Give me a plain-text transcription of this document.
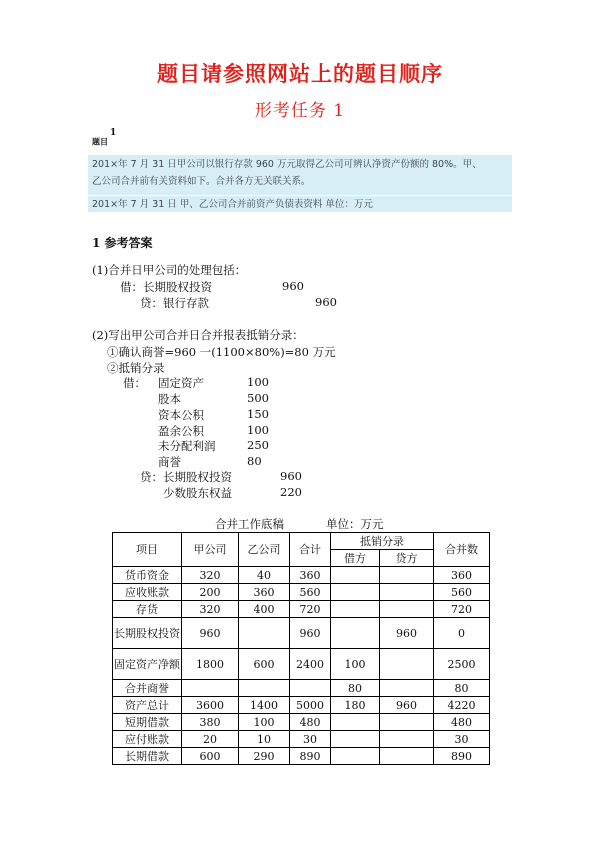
题目请参照网站上的题目顺序
形考任务 1
题目$^1$
201×年 7 月 31 日甲公司以银行存款 960 万元取得乙公司可辨认净资产份额的 80%。甲、
乙公司合并前有关资料如下。合并各方无关联关系。
201×年 7 月 31 日 甲、乙公司合并前资产负债表资料 单位：万元
1 参考答案
(1)合并日甲公司的处理包括：
借：长期股权投资	960
贷：银行存款	960
(2)写出甲公司合并日合并报表抵销分录：
①确认商誉=960 一(1100×80%)=80 万元
②抵销分录
借： 固定资产	100
股本	500
资本公积	150
盈余公积	100
未分配利润	250
商誉	80
贷：长期股权投资	960
少数股东权益	220
合并工作底稿	单位：万元
项目	甲公司	乙公司	合计	抵销分录		合并数
				借方	贷方	
货币资金	320	40	360			360
应收账款	200	360	560			560
存货	320	400	720			720
长期股权投资	960		960		960	0
固定资产净额	1800	600	2400	100		2500
合并商誉				80		80
资产总计	3600	1400	5000	180	960	4220
短期借款	380	100	480			480
应付账款	20	10	30			30
长期借款	600	290	890			890
